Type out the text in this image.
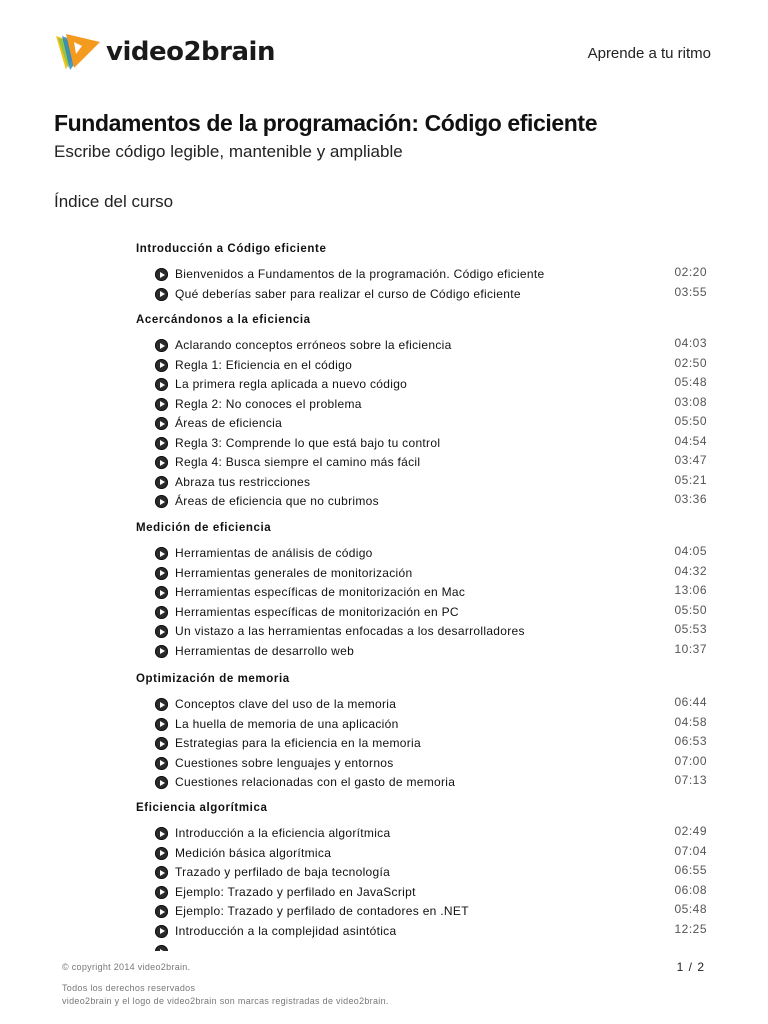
video2brain	Aprende a tu ritmo
Fundamentos de la programación: Código eficiente
Escribe código legible, mantenible y ampliable
Índice del curso
Introducción a Código eficiente
Bienvenidos a Fundamentos de la programación. Código eficiente	02:20
Qué deberías saber para realizar el curso de Código eficiente	03:55
Acercándonos a la eficiencia
Aclarando conceptos erróneos sobre la eficiencia	04:03
Regla 1: Eficiencia en el código	02:50
La primera regla aplicada a nuevo código	05:48
Regla 2: No conoces el problema	03:08
Áreas de eficiencia	05:50
Regla 3: Comprende lo que está bajo tu control	04:54
Regla 4: Busca siempre el camino más fácil	03:47
Abraza tus restricciones	05:21
Áreas de eficiencia que no cubrimos	03:36
Medición de eficiencia
Herramientas de análisis de código	04:05
Herramientas generales de monitorización	04:32
Herramientas específicas de monitorización en Mac	13:06
Herramientas específicas de monitorización en PC	05:50
Un vistazo a las herramientas enfocadas a los desarrolladores	05:53
Herramientas de desarrollo web	10:37
Optimización de memoria
Conceptos clave del uso de la memoria	06:44
La huella de memoria de una aplicación	04:58
Estrategias para la eficiencia en la memoria	06:53
Cuestiones sobre lenguajes y entornos	07:00
Cuestiones relacionadas con el gasto de memoria	07:13
Eficiencia algorítmica
Introducción a la eficiencia algorítmica	02:49
Medición básica algorítmica	07:04
Trazado y perfilado de baja tecnología	06:55
Ejemplo: Trazado y perfilado en JavaScript	06:08
Ejemplo: Trazado y perfilado de contadores en .NET	05:48
Introducción a la complejidad asintótica	12:25
© copyright 2014 video2brain.
Todos los derechos reservados
video2brain y el logo de video2brain son marcas registradas de video2brain.
1 / 2
